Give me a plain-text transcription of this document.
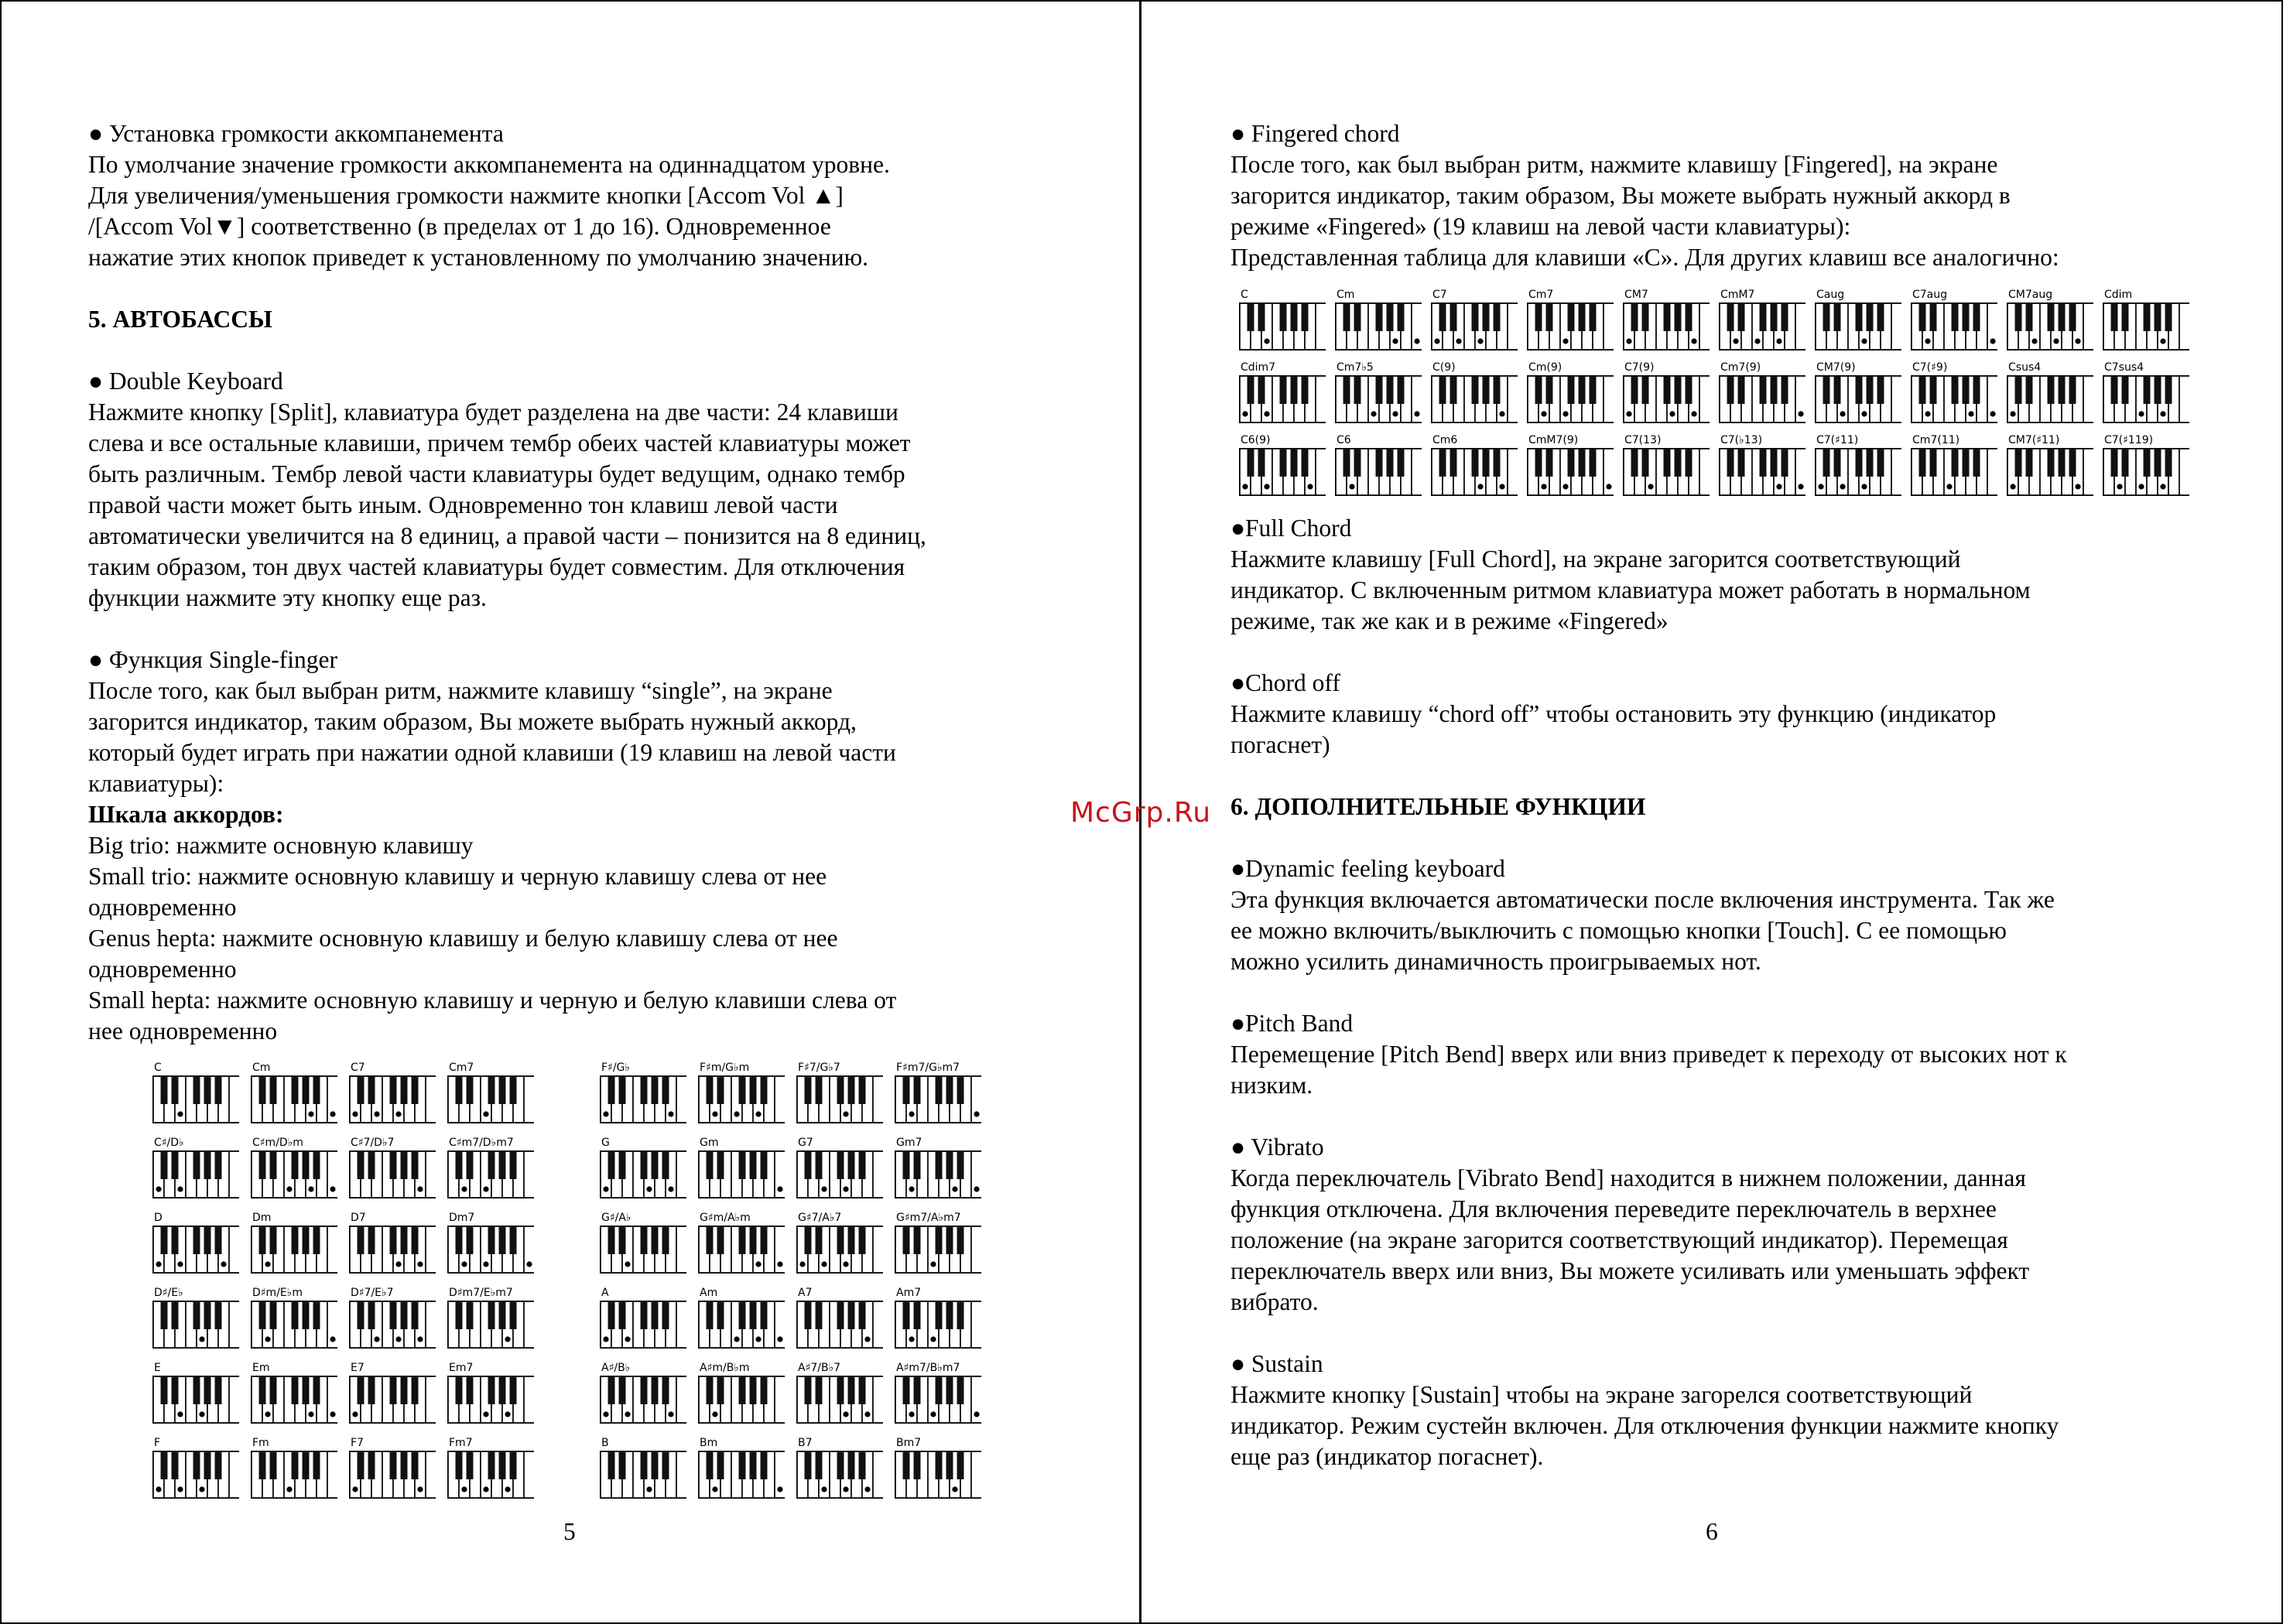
● Установка громкости аккомпанемента

По умолчание значение громкости аккомпанемента на одиннадцатом уровне.

Для увеличения/уменьшения громкости нажмите кнопки [Accom Vol ▲]

/[Accom Vol▼] соответственно (в пределах от 1 до 16). Одновременное

нажатие этих кнопок приведет к установленному по умолчанию значению.

5. АВТОБАССЫ

● Double Keyboard

Нажмите кнопку [Split], клавиатура будет разделена на две части: 24 клавиши

слева и все остальные клавиши, причем тембр обеих частей клавиатуры может

быть различным. Тембр левой части клавиатуры будет ведущим, однако тембр

правой части может быть иным. Одновременно тон клавиш левой части

автоматически увеличится на 8 единиц, а правой части – понизится на 8 единиц,

таким образом, тон двух частей клавиатуры будет совместим. Для отключения

функции нажмите эту кнопку еще раз.

● Функция Single-finger

После того, как был выбран ритм, нажмите клавишу “single”, на экране

загорится индикатор, таким образом, Вы можете выбрать нужный аккорд,

который будет играть при нажатии одной клавиши (19 клавиш на левой части

клавиатуры):

Шкала аккордов:

Big trio: нажмите основную клавишу

Small trio: нажмите основную клавишу и черную клавишу слева от нее

одновременно

Genus hepta: нажмите основную клавишу и белую клавишу слева от нее

одновременно

Small hepta: нажмите основную клавишу и черную и белую клавиши слева от

нее одновременно

● Fingered chord

После того, как был выбран ритм, нажмите клавишу [Fingered], на экране

загорится индикатор, таким образом, Вы можете выбрать нужный аккорд в

режиме «Fingered» (19 клавиш на левой части клавиатуры):

Представленная таблица для клавиши «C». Для других клавиш все аналогично:

●Full Chord

Нажмите клавишу [Full Chord], на экране загорится соответствующий

индикатор. С включенным ритмом клавиатура может работать в нормальном

режиме, так же как и в режиме «Fingered»

●Chord off

Нажмите клавишу “chord off” чтобы остановить эту функцию (индикатор

погаснет)

6. ДОПОЛНИТЕЛЬНЫЕ ФУНКЦИИ

●Dynamic feeling keyboard

Эта функция включается автоматически после включения инструмента. Так же

ее можно включить/выключить с помощью кнопки [Touch]. С ее помощью

можно усилить динамичность проигрываемых нот.

●Pitch Band

Перемещение [Pitch Bend] вверх или вниз приведет к переходу от высоких нот к

низким.

● Vibrato

Когда переключатель [Vibrato Bend] находится в нижнем положении, данная

функция отключена. Для включения переведите переключатель в верхнее

положение (на экране загорится соответствующий индикатор). Перемещая

переключатель вверх или вниз, Вы можете усиливать или уменьшать эффект

вибрато.

● Sustain

Нажмите кнопку [Sustain] чтобы на экране загорелся соответствующий

индикатор. Режим сустейн включен. Для отключения функции нажмите кнопку

еще раз (индикатор погаснет).

McGrp.Ru
C	Cm	C7	Cm7	F♯/G♭	F♯m/G♭m	F♯7/G♭7	F♯m7/G♭m7
C♯/D♭	C♯m/D♭m	C♯7/D♭7	C♯m7/D♭m7	G	Gm	G7	Gm7
D	Dm	D7	Dm7	G♯/A♭	G♯m/A♭m	G♯7/A♭7	G♯m7/A♭m7
D♯/E♭	D♯m/E♭m	D♯7/E♭7	D♯m7/E♭m7	A	Am	A7	Am7
E	Em	E7	Em7	A♯/B♭	A♯m/B♭m	A♯7/B♭7	A♯m7/B♭m7
F	Fm	F7	Fm7	B	Bm	B7	Bm7
C	Cm	C7	Cm7	CM7	CmM7	Caug	C7aug	CM7aug	Cdim
Cdim7	Cm7♭5	C(9)	Cm(9)	C7(9)	Cm7(9)	CM7(9)	C7(♯9)	Csus4	C7sus4
C6(9)	C6	Cm6	CmM7(9)	C7(13)	C7(♭13)	C7(♯11)	Cm7(11)	CM7(♯11)	C7(♯119)
5	6
